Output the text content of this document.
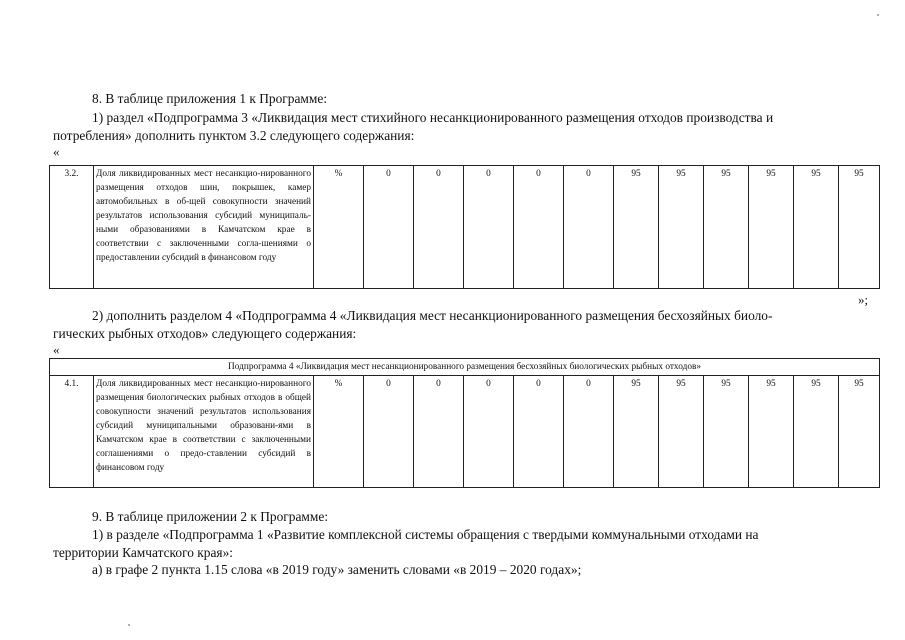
8. В таблице приложения 1 к Программе:
1) раздел «Подпрограмма 3 «Ликвидация мест стихийного несанкционированного размещения отходов производства и
потребления» дополнить пунктом 3.2 следующего содержания:
«
3.2.	Доля ликвидированных мест несанкцио-нированного размещения отходов шин, покрышек, камер автомобильных в об-щей совокупности значений результатов использования субсидий муниципаль-ными образованиями в Камчатском крае в соответствии с заключенными согла-шениями о предоставлении субсидий в финансовом году	%	0	0	0	0	0	95	95	95	95	95	95
»;
2) дополнить разделом 4 «Подпрограмма 4 «Ликвидация мест несанкционированного размещения бесхозяйных биоло-
гических рыбных отходов» следующего содержания:
«
Подпрограмма 4 «Ликвидация мест несанкционированного размещения бесхозяйных биологических рыбных отходов»
4.1.	Доля ликвидированных мест несанкцио-нированного размещения биологических рыбных отходов в общей совокупности значений результатов использования субсидий муниципальными образовани-ями в Камчатском крае в соответствии с заключенными соглашениями о предо-ставлении субсидий в финансовом году	%	0	0	0	0	0	95	95	95	95	95	95
9. В таблице приложении 2 к Программе:
1) в разделе «Подпрограмма 1 «Развитие комплексной системы обращения с твердыми коммунальными отходами на
территории Камчатского края»:
а) в графе 2 пункта 1.15 слова «в 2019 году» заменить словами «в 2019 – 2020 годах»;
